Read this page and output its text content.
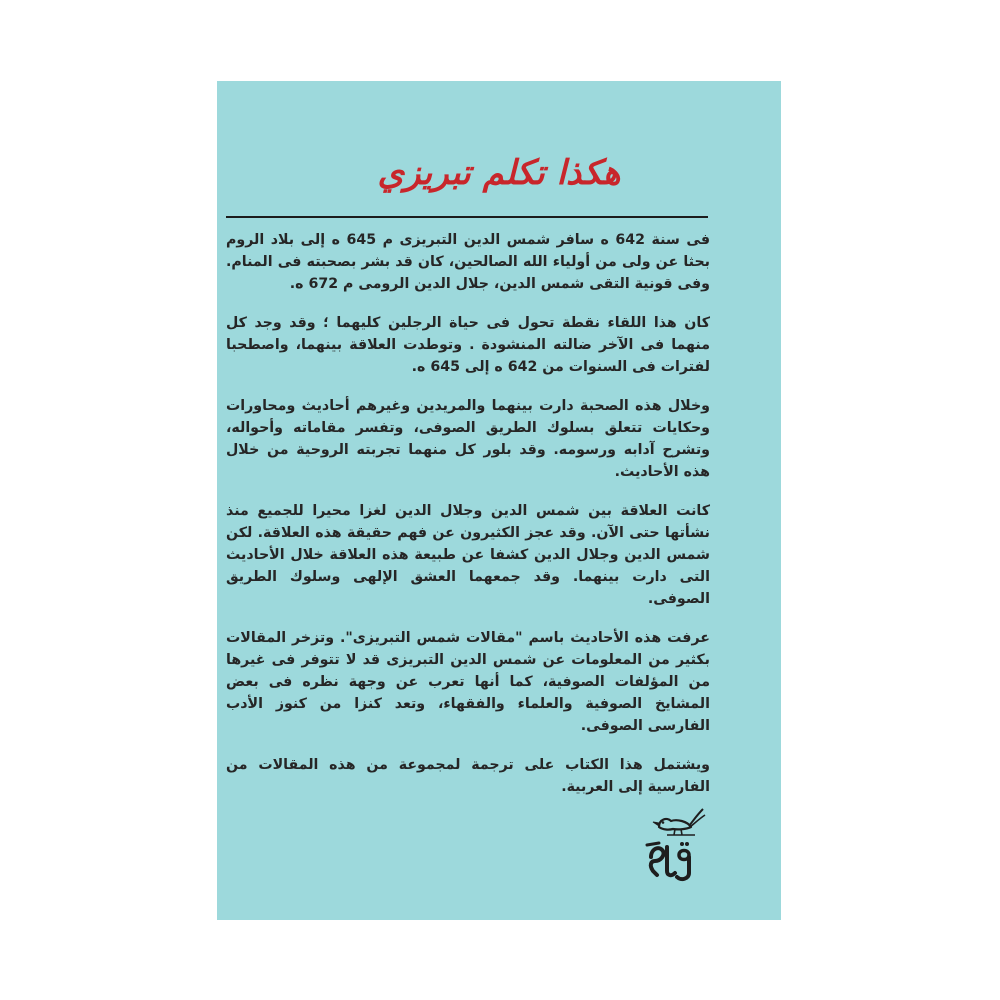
هكذا تكلم تبريزي

فى سنة 642 ه سافر شمس الدين التبريزى م 645 ه إلى بلاد الروم بحثا عن ولى من أولياء الله الصالحين، كان قد بشر بصحبته فى المنام. وفى قونية التقى شمس الدين، جلال الدين الرومى م 672 ه.

كان هذا اللقاء نقطة تحول فى حياة الرجلين كليهما ؛ وقد وجد كل منهما فى الآخر ضالته المنشودة . وتوطدت العلاقة بينهما، واصطحبا لفترات فى السنوات من 642 ه إلى 645 ه.

وخلال هذه الصحبة دارت بينهما والمريدين وغيرهم أحاديث ومحاورات وحكايات تتعلق بسلوك الطريق الصوفى، وتفسر مقاماته وأحواله، وتشرح آدابه ورسومه. وقد بلور كل منهما تجربته الروحية من خلال هذه الأحاديث.

كانت العلاقة بين شمس الدين وجلال الدين لغزا محيرا للجميع منذ نشأتها حتى الآن. وقد عجز الكثيرون عن فهم حقيقة هذه العلاقة. لكن شمس الدين وجلال الدين كشفا عن طبيعة هذه العلاقة خلال الأحاديث التى دارت بينهما. وقد جمعهما العشق الإلهى وسلوك الطريق الصوفى.

عرفت هذه الأحاديث باسم "مقالات شمس التبريزى". وتزخر المقالات بكثير من المعلومات عن شمس الدين التبريزى قد لا تتوفر فى غيرها من المؤلفات الصوفية، كما أنها تعرب عن وجهة نظره فى بعض المشايخ الصوفية والعلماء والفقهاء، وتعد كنزا من كنوز الأدب الفارسى الصوفى.

ويشتمل هذا الكتاب على ترجمة لمجموعة من هذه المقالات من الفارسية إلى العربية.
